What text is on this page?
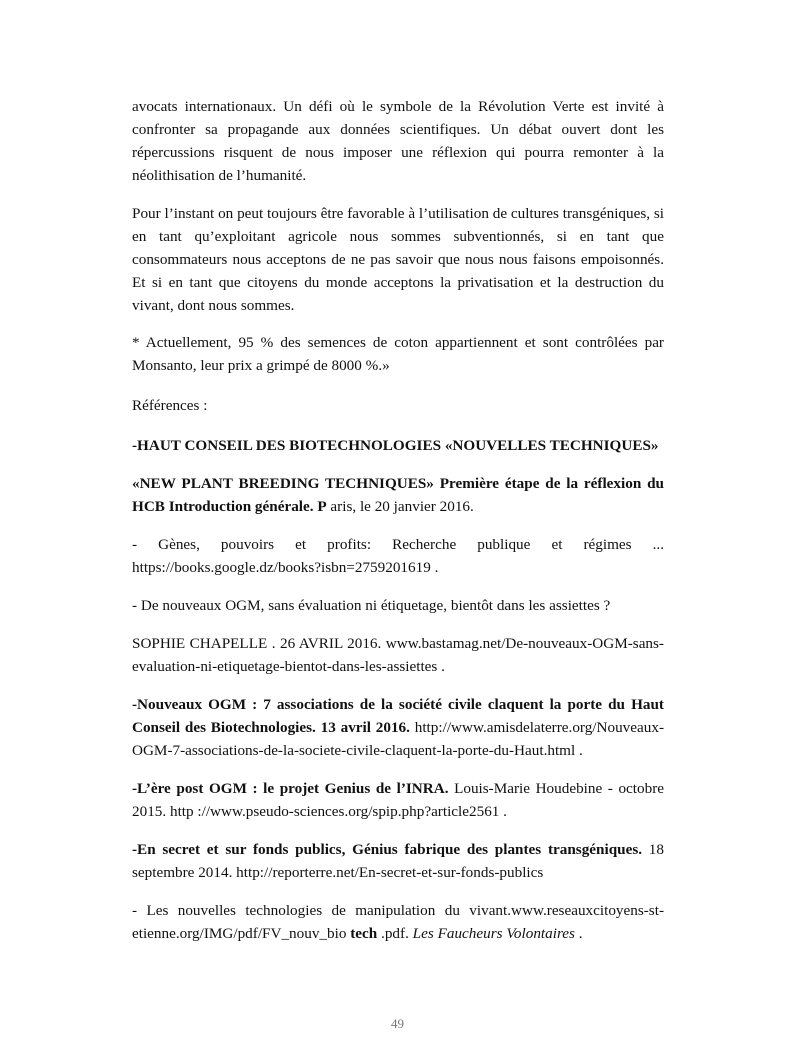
avocats internationaux. Un défi où le symbole de la Révolution Verte est invité à confronter sa propagande aux données scientifiques. Un débat ouvert dont les répercussions risquent de nous imposer une réflexion qui pourra remonter à la néolithisation de l’humanité.

Pour l’instant on peut toujours être favorable à l’utilisation de cultures transgéniques, si en tant qu’exploitant agricole nous sommes subventionnés, si en tant que consommateurs nous acceptons de ne pas savoir que nous nous faisons empoisonnés. Et si en tant que citoyens du monde acceptons la privatisation et la destruction du vivant, dont nous sommes.

* Actuellement, 95 % des semences de coton appartiennent et sont contrôlées par Monsanto, leur prix a grimpé de 8000 %.»

Références :

-HAUT CONSEIL DES BIOTECHNOLOGIES «NOUVELLES TECHNIQUES»

«NEW PLANT BREEDING TECHNIQUES» Première étape de la réflexion du HCB Introduction générale. P aris, le 20 janvier 2016.

- Gènes, pouvoirs et profits: Recherche publique et régimes ... https://books.google.dz/books?isbn=2759201619 .

- De nouveaux OGM, sans évaluation ni étiquetage, bientôt dans les assiettes ?

SOPHIE CHAPELLE . 26 AVRIL 2016. www.bastamag.net/De-nouveaux-OGM-sans-evaluation-ni-etiquetage-bientot-dans-les-assiettes .

-Nouveaux OGM : 7 associations de la société civile claquent la porte du Haut Conseil des Biotechnologies. 13 avril 2016. http://www.amisdelaterre.org/Nouveaux-OGM-7-associations-de-la-societe-civile-claquent-la-porte-du-Haut.html .

-L’ère post OGM : le projet Genius de l’INRA. Louis-Marie Houdebine - octobre 2015. http ://www.pseudo-sciences.org/spip.php?article2561 .

-En secret et sur fonds publics, Génius fabrique des plantes transgéniques. 18 septembre 2014. http://reporterre.net/En-secret-et-sur-fonds-publics

- Les nouvelles technologies de manipulation du vivant.www.reseauxcitoyens-st-etienne.org/IMG/pdf/FV_nouv_bio tech .pdf. Les Faucheurs Volontaires .

49
